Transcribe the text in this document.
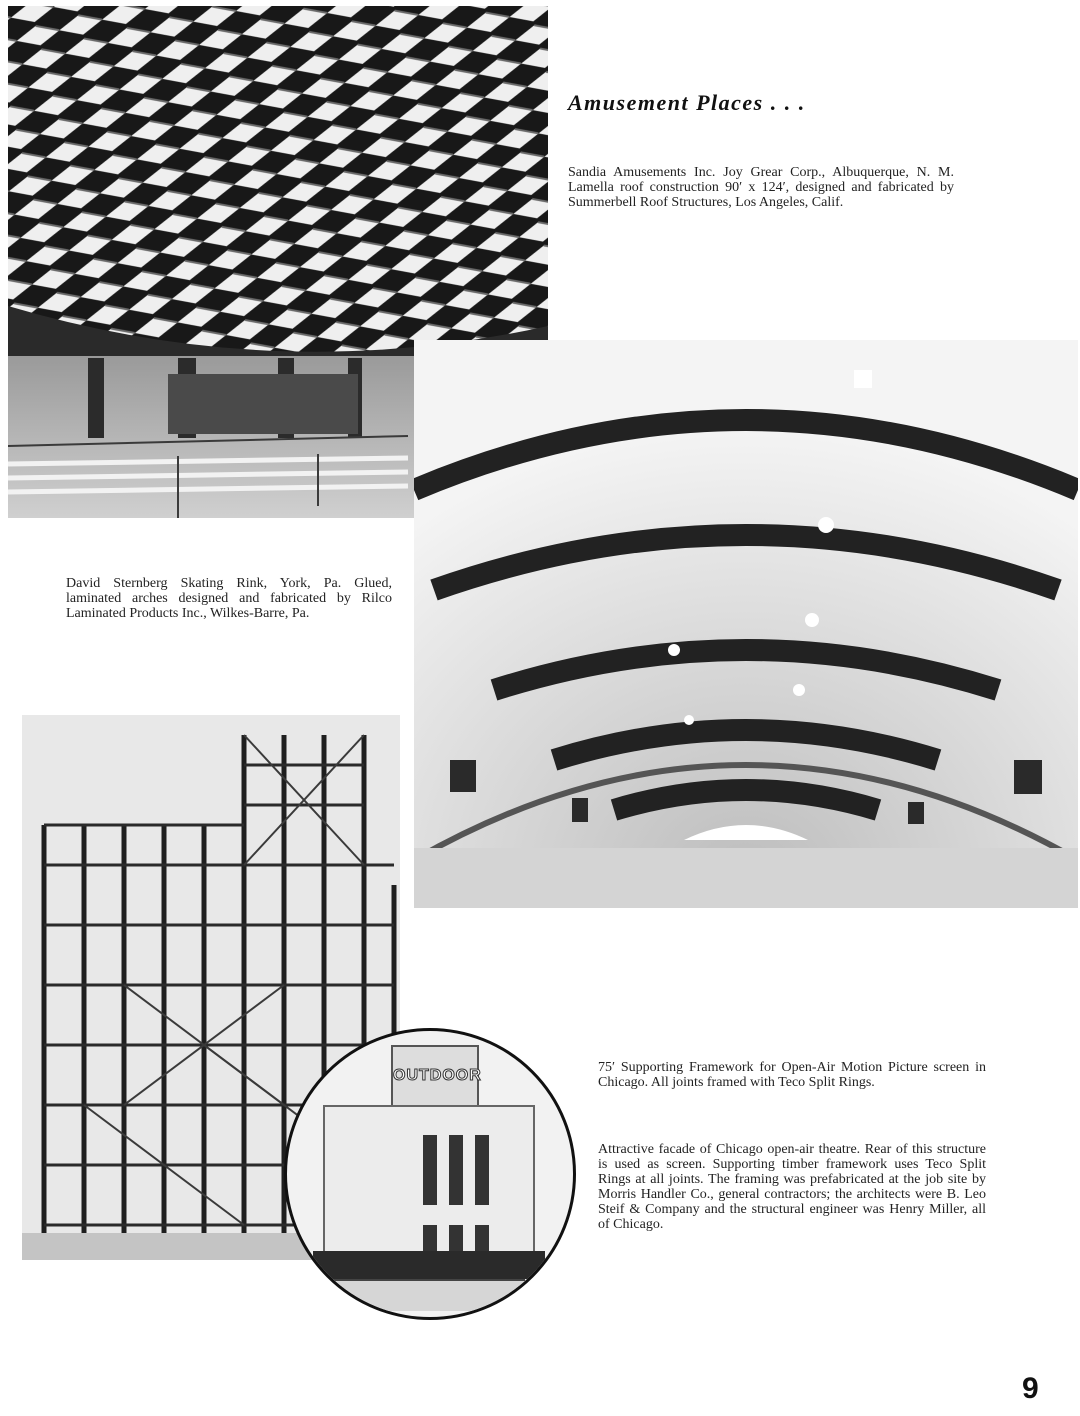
OUTDOOR
Amusement Places . . .

Sandia Amusements Inc. Joy Grear Corp., Albuquerque, N. M. Lamella roof construction 90′ x 124′, designed and fabricated by Summerbell Roof Structures, Los Angeles, Calif.

David Sternberg Skating Rink, York, Pa. Glued, laminated arches designed and fabricated by Rilco Laminated Products Inc., Wilkes-Barre, Pa.

75′ Supporting Framework for Open-Air Motion Picture screen in Chicago. All joints framed with Teco Split Rings.

Attractive facade of Chicago open-air theatre. Rear of this structure is used as screen. Supporting timber framework uses Teco Split Rings at all joints. The framing was prefabricated at the job site by Morris Handler Co., general contractors; the architects were B. Leo Steif & Company and the structural engineer was Henry Miller, all of Chicago.

9
